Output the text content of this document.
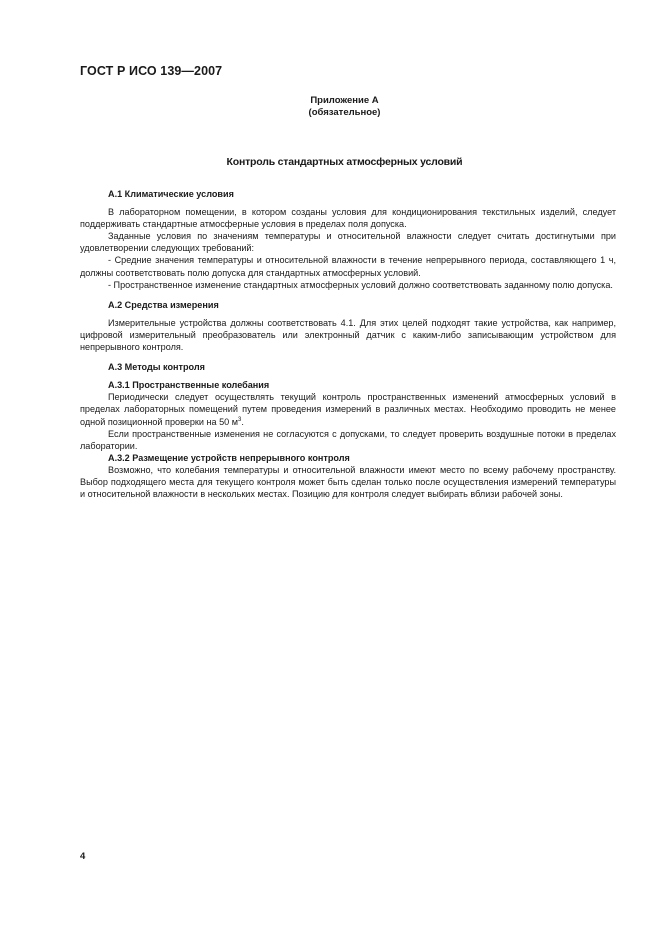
ГОСТ Р ИСО 139—2007
Приложение А
(обязательное)
Контроль стандартных атмосферных условий

А.1 Климатические условия

В лабораторном помещении, в котором созданы условия для кондиционирования текстильных изделий, следует поддерживать стандартные атмосферные условия в пределах поля допуска.

Заданные условия по значениям температуры и относительной влажности следует считать достигнутыми при удовлетворении следующих требований:

- Средние значения температуры и относительной влажности в течение непрерывного периода, составляющего 1 ч, должны соответствовать полю допуска для стандартных атмосферных условий.

- Пространственное изменение стандартных атмосферных условий должно соответствовать заданному полю допуска.

А.2 Средства измерения

Измерительные устройства должны соответствовать 4.1. Для этих целей подходят такие устройства, как например, цифровой измерительный преобразователь или электронный датчик с каким-либо записывающим устройством для непрерывного контроля.

А.3 Методы контроля

А.3.1 Пространственные колебания

Периодически следует осуществлять текущий контроль пространственных изменений атмосферных условий в пределах лабораторных помещений путем проведения измерений в различных местах. Необходимо проводить не менее одной позиционной проверки на 50 $м^3$.

Если пространственные изменения не согласуются с допусками, то следует проверить воздушные потоки в пределах лаборатории.

А.3.2 Размещение устройств непрерывного контроля

Возможно, что колебания температуры и относительной влажности имеют место по всему рабочему пространству. Выбор подходящего места для текущего контроля может быть сделан только после осуществления измерений температуры и относительной влажности в нескольких местах. Позицию для контроля следует выбирать вблизи рабочей зоны.

4
